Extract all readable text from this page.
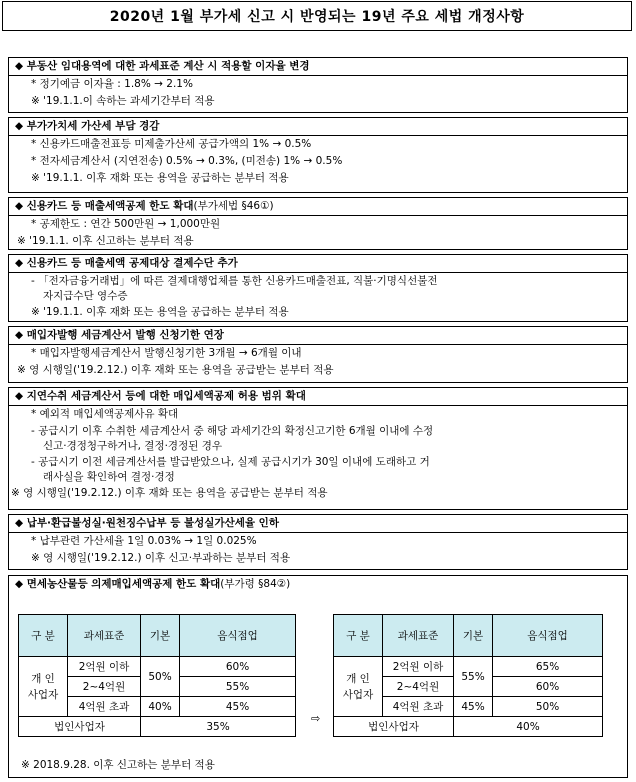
2020년 1월 부가세 신고 시 반영되는 19년 주요 세법 개정사항
◆ 부동산 임대용역에 대한 과세표준 계산 시 적용할 이자율 변경
* 정기예금 이자율 : 1.8% → 2.1%
※ '19.1.1.이 속하는 과세기간부터 적용
◆ 부가가치세 가산세 부담 경감
* 신용카드매출전표등 미제출가산세 공급가액의 1% → 0.5%
* 전자세금계산서 (지연전송) 0.5% → 0.3%, (미전송) 1% → 0.5%
※ '19.1.1. 이후 재화 또는 용역을 공급하는 분부터 적용
◆ 신용카드 등 매출세액공제 한도 확대(부가세법 §46①)
* 공제한도 : 연간 500만원 → 1,000만원
※ '19.1.1. 이후 신고하는 분부터 적용
◆ 신용카드 등 매출세액 공제대상 결제수단 추가
- 「전자금융거래법」에 따른 결제대행업체를 통한 신용카드매출전표, 직불·기명식선불전
자지급수단 영수증
※ '19.1.1. 이후 재화 또는 용역을 공급하는 분부터 적용
◆ 매입자발행 세금계산서 발행 신청기한 연장
* 매입자발행세금계산서 발행신청기한 3개월 → 6개월 이내
※ 영 시행일('19.2.12.) 이후 재화 또는 용역을 공급받는 분부터 적용
◆ 지연수취 세금계산서 등에 대한 매입세액공제 허용 범위 확대
* 예외적 매입세액공제사유 확대
- 공급시기 이후 수취한 세금계산서 중 해당 과세기간의 확정신고기한 6개월 이내에 수정
신고·경정청구하거나, 결정·경정된 경우
- 공급시기 이전 세금계산서를 발급받았으나, 실제 공급시기가 30일 이내에 도래하고 거
래사실을 확인하여 결정·경정
※ 영 시행일('19.2.12.) 이후 재화 또는 용역을 공급받는 분부터 적용
◆ 납부·환급불성실·원천징수납부 등 불성실가산세율 인하
* 납부관련 가산세율 1일 0.03% → 1일 0.025%
※ 영 시행일('19.2.12.) 이후 신고·부과하는 분부터 적용
◆ 면세농산물등 의제매입세액공제 한도 확대(부가령 §84②)
※ 2018.9.28. 이후 신고하는 분부터 적용
구 분	과세표준	기본	음식점업
개 인
사업자	2억원 이하	50%	60%
	2~4억원		55%
	4억원 초과	40%	45%
법인사업자		35%	
⇨
구 분	과세표준	기본	음식점업
개 인
사업자	2억원 이하	55%	65%
	2~4억원		60%
	4억원 초과	45%	50%
법인사업자		40%	
